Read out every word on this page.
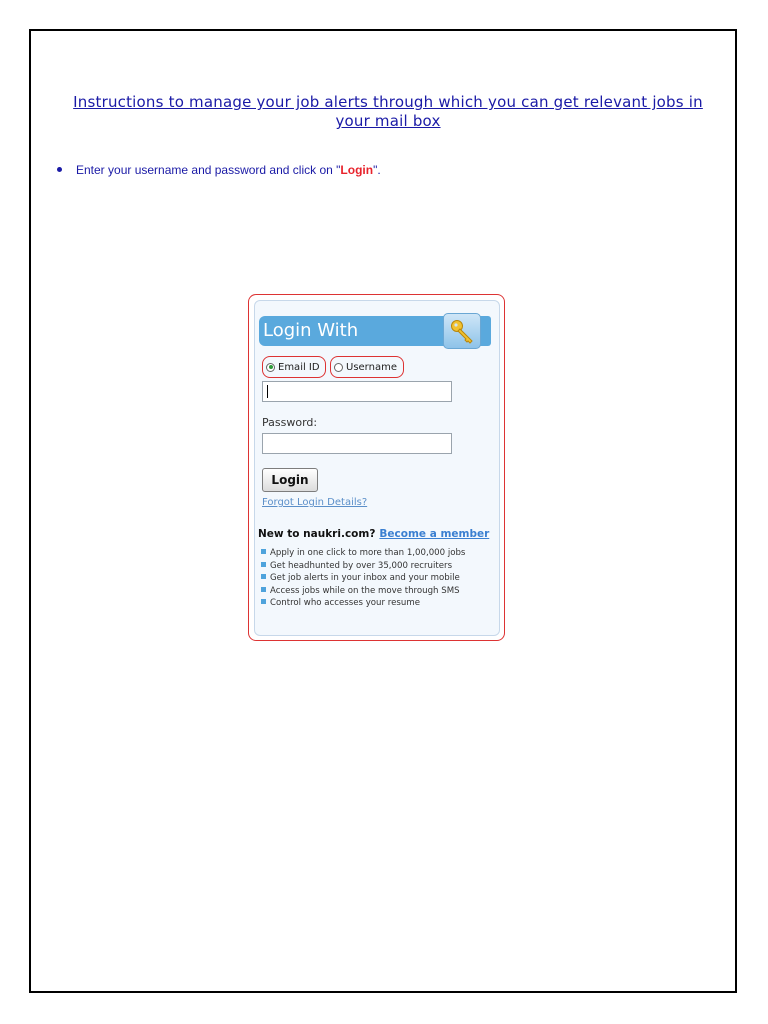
Instructions to manage your job alerts through which you can get relevant jobs in your mail box
Enter your username and password and click on "Login".
Login With
Email ID	Username
Password:
Login
Forgot Login Details?
New to naukri.com? Become a member
Apply in one click to more than 1,00,000 jobs
Get headhunted by over 35,000 recruiters
Get job alerts in your inbox and your mobile
Access jobs while on the move through SMS
Control who accesses your resume
